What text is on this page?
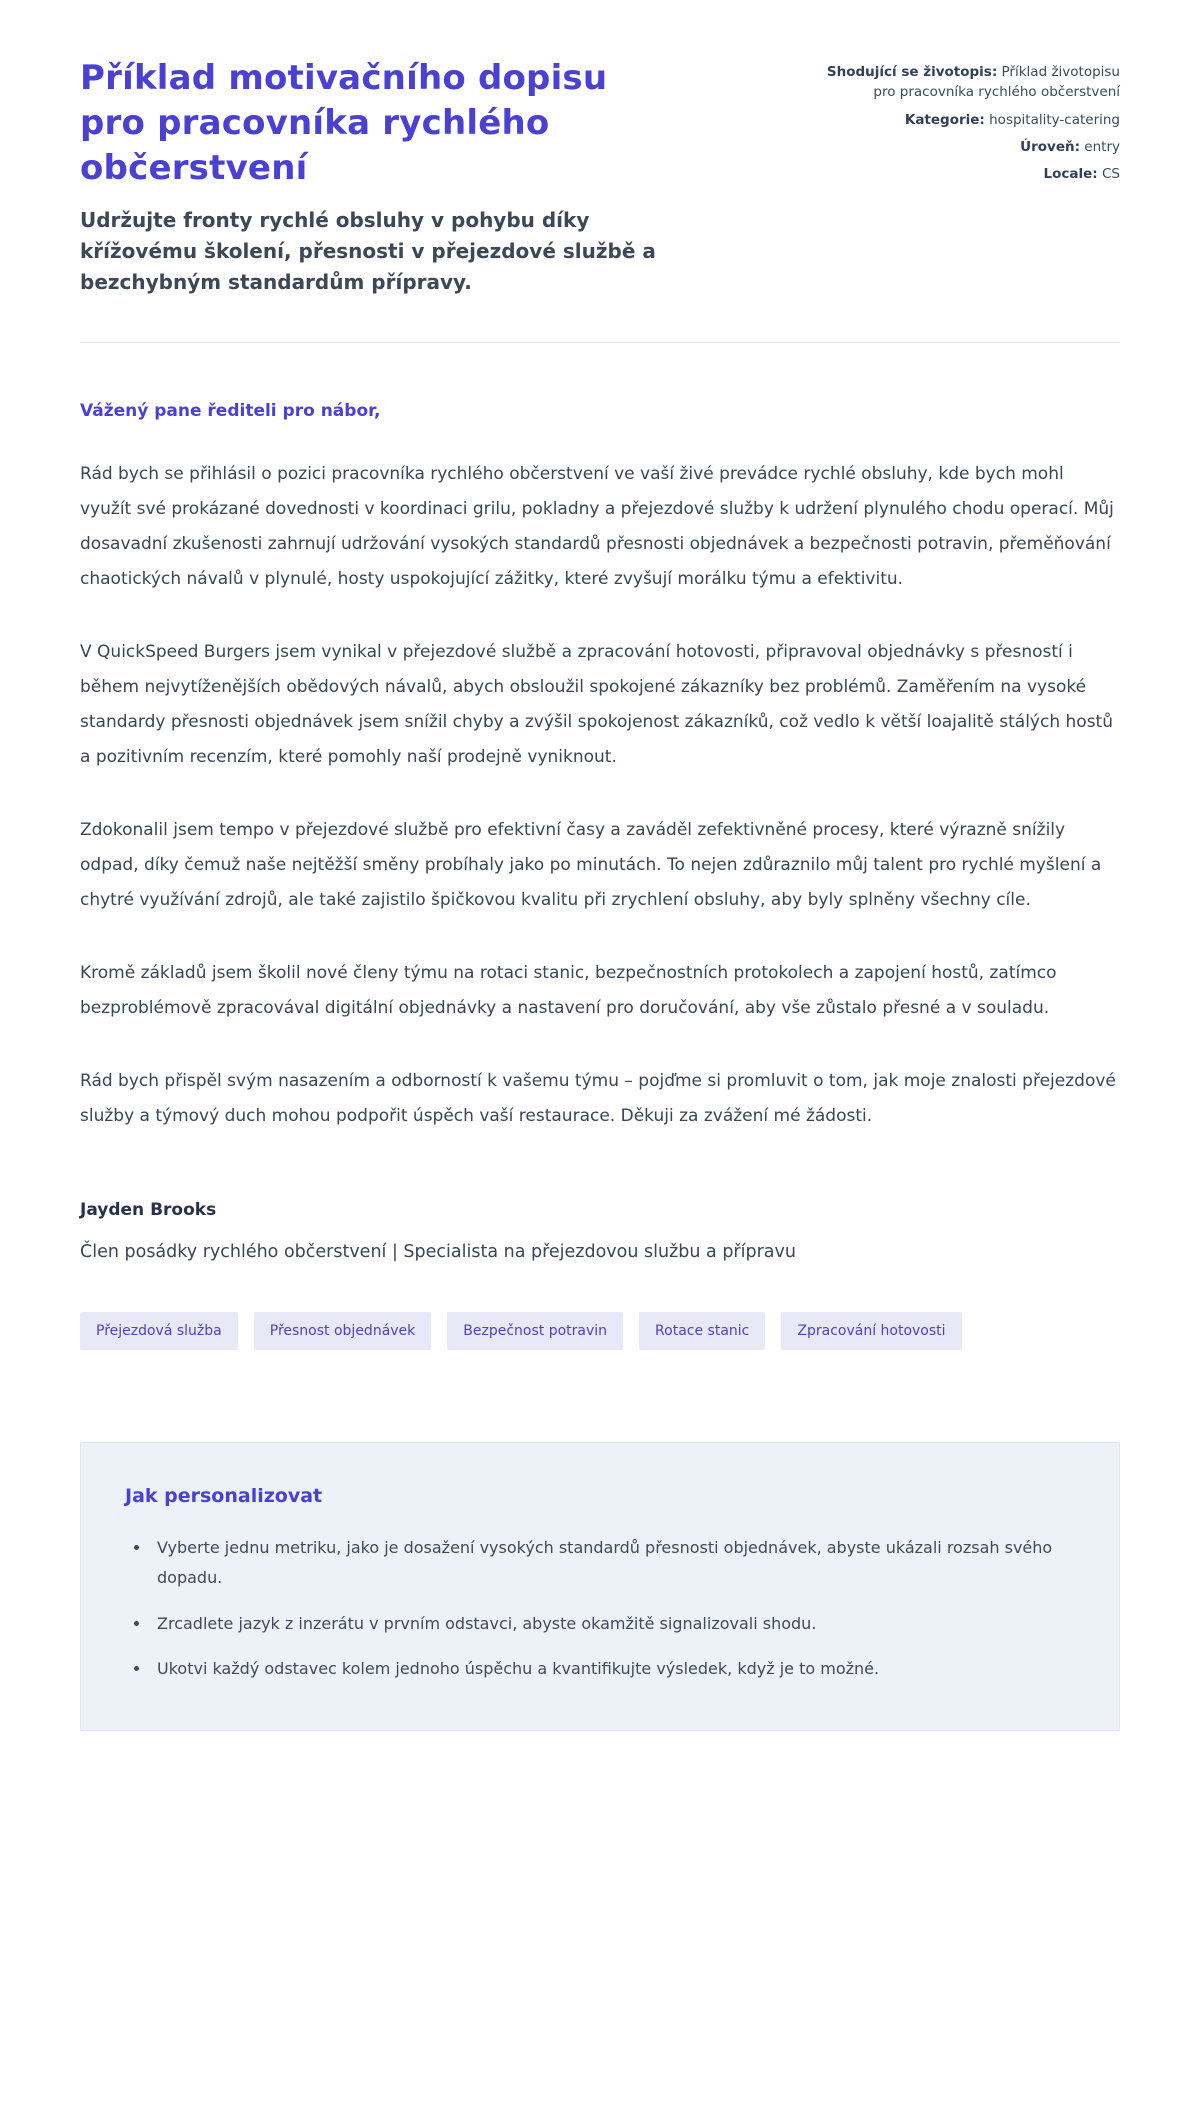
Příklad motivačního dopisu pro pracovníka rychlého občerstvení

Udržujte fronty rychlé obsluhy v pohybu díky křížovému školení, přesnosti v přejezdové službě a bezchybným standardům přípravy.

Shodující se životopis: Příklad životopisu pro pracovníka rychlého občerstvení
Kategorie: hospitality-catering
Úroveň: entry
Locale: CS

Vážený pane řediteli pro nábor,

Rád bych se přihlásil o pozici pracovníka rychlého občerstvení ve vaší živé prevádce rychlé obsluhy, kde bych mohl využít své prokázané dovednosti v koordinaci grilu, pokladny a přejezdové služby k udržení plynulého chodu operací. Můj dosavadní zkušenosti zahrnují udržování vysokých standardů přesnosti objednávek a bezpečnosti potravin, přeměňování chaotických návalů v plynulé, hosty uspokojující zážitky, které zvyšují morálku týmu a efektivitu.

V QuickSpeed Burgers jsem vynikal v přejezdové službě a zpracování hotovosti, připravoval objednávky s přesností i během nejvytíženějších obědových návalů, abych obsloužil spokojené zákazníky bez problémů. Zaměřením na vysoké standardy přesnosti objednávek jsem snížil chyby a zvýšil spokojenost zákazníků, což vedlo k větší loajalitě stálých hostů a pozitivním recenzím, které pomohly naší prodejně vyniknout.

Zdokonalil jsem tempo v přejezdové službě pro efektivní časy a zaváděl zefektivněné procesy, které výrazně snížily odpad, díky čemuž naše nejtěžší směny probíhaly jako po minutách. To nejen zdůraznilo můj talent pro rychlé myšlení a chytré využívání zdrojů, ale také zajistilo špičkovou kvalitu při zrychlení obsluhy, aby byly splněny všechny cíle.

Kromě základů jsem školil nové členy týmu na rotaci stanic, bezpečnostních protokolech a zapojení hostů, zatímco bezproblémově zpracovával digitální objednávky a nastavení pro doručování, aby vše zůstalo přesné a v souladu.

Rád bych přispěl svým nasazením a odborností k vašemu týmu – pojďme si promluvit o tom, jak moje znalosti přejezdové služby a týmový duch mohou podpořit úspěch vaší restaurace. Děkuji za zvážení mé žádosti.

Jayden Brooks

Člen posádky rychlého občerstvení | Specialista na přejezdovou službu a přípravu

Přejezdová služba	Přesnost objednávek	Bezpečnost potravin	Rotace stanic	Zpracování hotovosti
Jak personalizovat
• Vyberte jednu metriku, jako je dosažení vysokých standardů přesnosti objednávek, abyste ukázali rozsah svého dopadu.
• Zrcadlete jazyk z inzerátu v prvním odstavci, abyste okamžitě signalizovali shodu.
• Ukotvi každý odstavec kolem jednoho úspěchu a kvantifikujte výsledek, když je to možné.
